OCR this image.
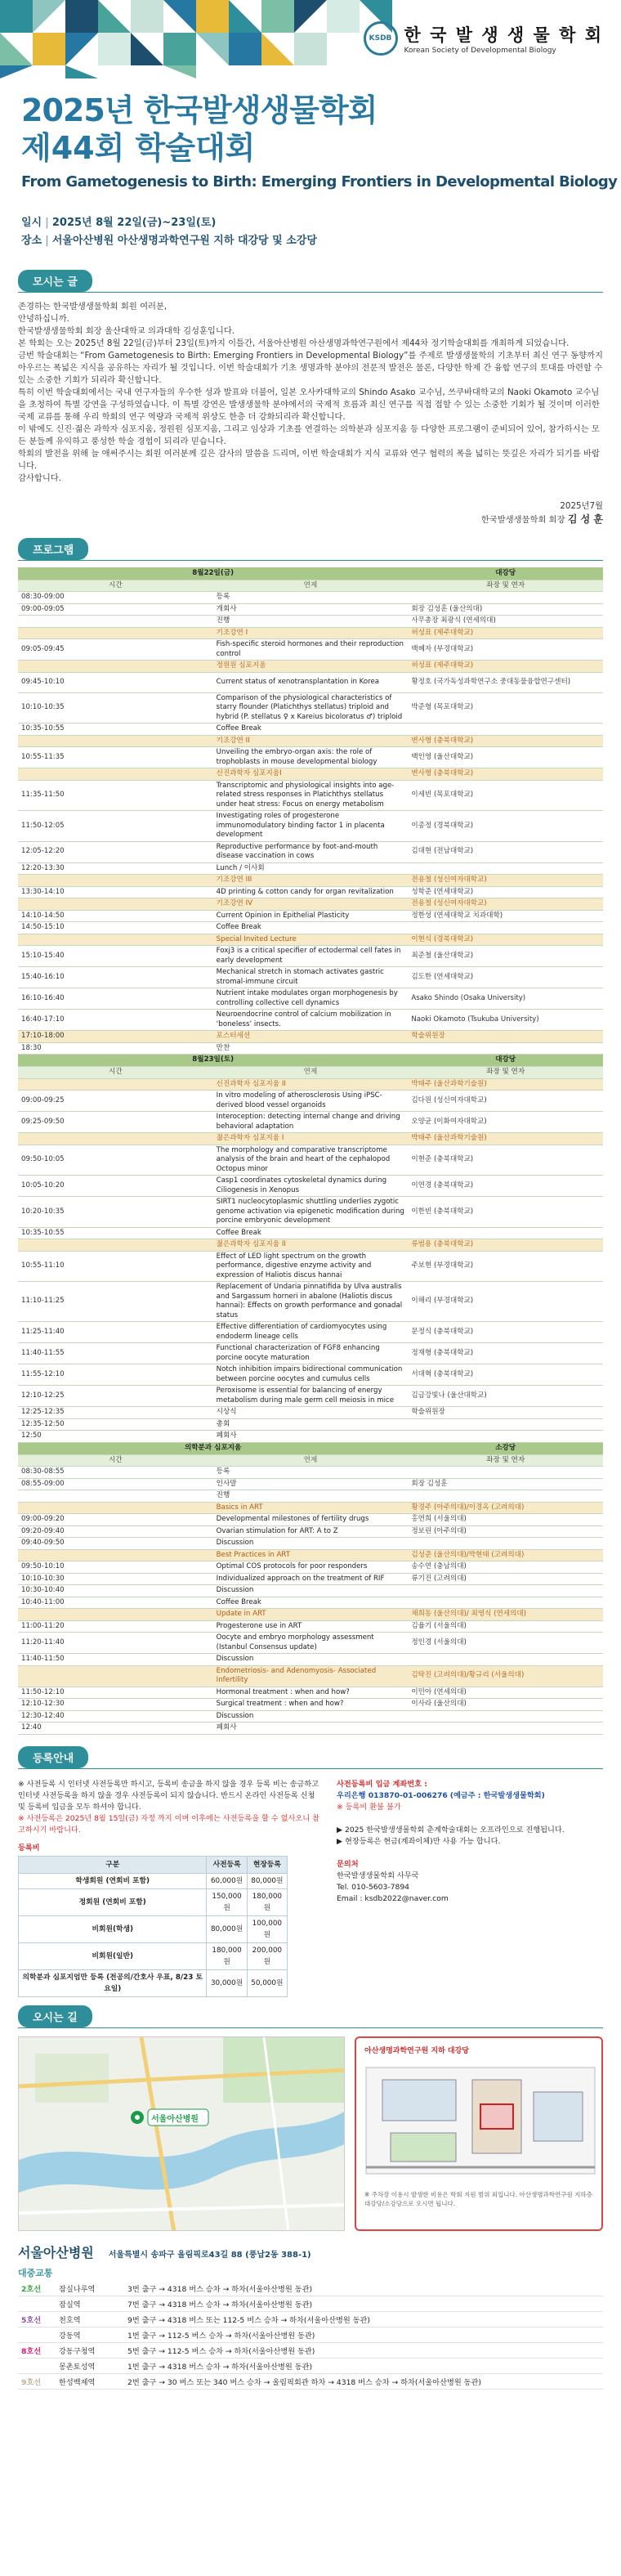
KSDB 한 국 발 생 생 물 학 회
Korean Society of Developmental Biology
2025년 한국발생생물학회
제44회 학술대회
From Gametogenesis to Birth: Emerging Frontiers in Developmental Biology
일시 | 2025년 8월 22일(금)~23일(토)
장소 | 서울아산병원 아산생명과학연구원 지하 대강당 및 소강당
모시는 글

존경하는 한국발생생물학회 회원 여러분,

안녕하십니까.

한국발생생물학회 회장 울산대학교 의과대학 김성훈입니다.

본 학회는 오는 2025년 8월 22일(금)부터 23일(토)까지 이틀간, 서울아산병원 아산생명과학연구원에서 제44차 정기학술대회를 개최하게 되었습니다.

금번 학술대회는 “From Gametogenesis to Birth: Emerging Frontiers in Developmental Biology”를 주제로 발생생물학의 기초부터 최신 연구 동향까지 아우르는 폭넓은 지식을 공유하는 자리가 될 것입니다. 이번 학술대회가 기초 생명과학 분야의 전문적 발전은 물론, 다양한 학제 간 융합 연구의 토대를 마련할 수 있는 소중한 기회가 되리라 확신합니다.

특히 이번 학술대회에서는 국내 연구자들의 우수한 성과 발표와 더불어, 일본 오사카대학교의 Shindo Asako 교수님, 쓰쿠바대학교의 Naoki Okamoto 교수님을 초청하여 특별 강연을 구성하였습니다. 이 특별 강연은 발생생물학 분야에서의 국제적 흐름과 최신 연구를 직접 접할 수 있는 소중한 기회가 될 것이며 이러한 국제 교류를 통해 우리 학회의 연구 역량과 국제적 위상도 한층 더 강화되리라 확신합니다.

이 밖에도 신진·젊은 과학자 심포지움, 정원원 심포지움, 그리고 임상과 기초를 연결하는 의학분과 심포지움 등 다양한 프로그램이 준비되어 있어, 참가하시는 모든 분들께 유익하고 풍성한 학술 경험이 되리라 믿습니다.

학회의 발전을 위해 늘 애써주시는 회원 여러분께 깊은 감사의 말씀을 드리며, 이번 학술대회가 지식 교류와 연구 협력의 폭을 넓히는 뜻깊은 자리가 되기를 바랍니다.

감사합니다.

2025년7월
한국발생생물학회 회장 김 성 훈
프로그램
8월22일(금)		대강당
시간	연제	좌장 및 연자
08:30-09:00	등록	
09:00-09:05	개회사	회장 김성훈 (울산의대)
	진행	사무총장 최광식 (연세의대)
	기조강연 I	허성표 (제주대학교)
09:05-09:45	Fish-specific steroid hormones and their reproduction control	백혜자 (부경대학교)
	정원원 심포지움	허성표 (제주대학교)
09:45-10:10	Current status of xenotransplantation in Korea	황정호 (국가독성과학연구소 중대동물융합연구센터)
10:10-10:35	Comparison of the physiological characteristics of starry flounder (Platichthys stellatus) triploid and hybrid (P. stellatus ♀ x Kareius bicoloratus ♂) triploid	박준형 (목포대학교)
10:35-10:55	Coffee Break	
	기조강연 II	변사형 (충북대학교)
10:55-11:35	Unveiling the embryo-organ axis: the role of trophoblasts in mouse developmental biology	백인영 (울산대학교)
	신진과학자 심포지움I	변사형 (충북대학교)
11:35-11:50	Transcriptomic and physiological insights into age-related stress responses in Platichthys stellatus under heat stress: Focus on energy metabolism	이세빈 (목포대학교)
11:50-12:05	Investigating roles of progesterone immunomodulatory binding factor 1 in placenta development	이종정 (경북대학교)
12:05-12:20	Reproductive performance by foot-and-mouth disease vaccination in cows	김대현 (전남대학교)
12:20-13:30	Lunch / 이사회	
	기조강연 III	전용철 (성신여자대학교)
13:30-14:10	4D printing & cotton candy for organ revitalization	성학준 (연세대학교)
	기조강연 IV	전용철 (성신여자대학교)
14:10-14:50	Current Opinion in Epithelial Plasticity	정한성 (연세대학교 치과대학)
14:50-15:10	Coffee Break	
	Special Invited Lecture	이현식 (경북대학교)
15:10-15:40	Foxj3 is a critical specifier of ectodermal cell fates in early development	최준철 (울산대학교)
15:40-16:10	Mechanical stretch in stomach activates gastric stromal-immune circuit	김도한 (연세대학교)
16:10-16:40	Nutrient intake modulates organ morphogenesis by controlling collective cell dynamics	Asako Shindo (Osaka University)
16:40-17:10	Neuroendocrine control of calcium mobilization in ‘boneless’ insects.	Naoki Okamoto (Tsukuba University)
17:10-18:00	포스터세션	학술위원장
18:30	만찬	
8월23일(토)		대강당
시간	연제	좌장 및 연자
	신진과학자 심포지움 II	박태주 (울산과학기술원)
09:00-09:25	In vitro modeling of atherosclerosis Using iPSC-derived blood vessel organoids	김다원 (성신여자대학교)
09:25-09:50	Interoception: detecting internal change and driving behavioral adaptation	오양균 (이화여자대학교)
	젊은과학자 심포지움 I	박태주 (울산과학기술원)
09:50-10:05	The morphology and comparative transcriptome analysis of the brain and heart of the cephalopod Octopus minor	이현준 (충북대학교)
10:05-10:20	Casp1 coordinates cytoskeletal dynamics during Ciliogenesis in Xenopus	이연경 (충북대학교)
10:20-10:35	SIRT1 nucleocytoplasmic shuttling underlies zygotic genome activation via epigenetic modification during porcine embryonic development	이한빈 (충북대학교)
10:35-10:55	Coffee Break	
	젊은과학자 심포지움 II	류범용 (충북대학교)
10:55-11:10	Effect of LED light spectrum on the growth performance, digestive enzyme activity and expression of Haliotis discus hannai	주보현 (부경대학교)
11:10-11:25	Replacement of Undaria pinnatifida by Ulva australis and Sargassum horneri in abalone (Haliotis discus hannai): Effects on growth performance and gonadal status	이해리 (부경대학교)
11:25-11:40	Effective differentiation of cardiomyocytes using endoderm lineage cells	문정식 (충북대학교)
11:40-11:55	Functional characterization of FGF8 enhancing porcine oocyte maturation	정재형 (충북대학교)
11:55-12:10	Notch inhibition impairs bidirectional communication between porcine oocytes and cumulus cells	서대혁 (충북대학교)
12:10-12:25	Peroxisome is essential for balancing of energy metabolism during male germ cell meiosis in mice	김금강빛나 (울산대학교)
12:25-12:35	시상식	학술위원장
12:35-12:50	총회	
12:50	폐회사	
의학분과 심포지움		소강당
시간	연제	좌장 및 연자
08:30-08:55	등록	
08:55-09:00	인사말	회장 김성훈
	진행	
	Basics in ART	황경주 (아주의대)/이경옥 (고려의대)
09:00-09:20	Developmental milestones of fertility drugs	홍연희 (서울의대)
09:20-09:40	Ovarian stimulation for ART: A to Z	정보린 (아주의대)
09:40-09:50	Discussion	
	Best Practices in ART	김성준 (울산의대)/박현태 (고려의대)
09:50-10:10	Optimal COS protocols for poor responders	송수연 (충남의대)
10:10-10:30	Individualized approach on the treatment of RIF	류기진 (고려의대)
10:30-10:40	Discussion	
10:40-11:00	Coffee Break	
	Update in ART	채희동 (울산의대)/ 최영식 (연세의대)
11:00-11:20	Progesterone use in ART	김율기 (서울의대)
11:20-11:40	Oocyte and embryo morphology assessment (Istanbul Consensus update)	정인경 (서울의대)
11:40-11:50	Discussion	
	Endometriosis- and Adenomyosis- Associated Infertility	김탁진 (고려의대)/황규리 (서울의대)
11:50-12:10	Hormonal treatment : when and how?	이민아 (연세의대)
12:10-12:30	Surgical treatment : when and how?	이사라 (울산의대)
12:30-12:40	Discussion	
12:40	폐회사	
등록안내
※ 사전등록 시 인터넷 사전등록만 하시고, 등록비 송금을 하지 않을 경우 등록 비는 송금하고 인터넷 사전등록을 하지 않을 경우 사전등록이 되지 않습니다. 반드시 온라인 사전등록 신청 및 등록비 입금을 모두 하셔야 합니다.
※ 사전등록은 2025년 8월 15일(금) 자정 까지 이며 이후에는 사전등록을 할 수 없사오니 참고하시기 바랍니다.
등록비
구분	사전등록	현장등록
학생회원 (연회비 포함)	60,000원	80,000원
정회원 (연회비 포함)	150,000원	180,000원
비회원(학생)	80,000원	100,000원
비회원(일반)	180,000원	200,000원
의학분과 심포지엄만 등록 (전공의/간호사 우표, 8/23 토요일)	30,000원	50,000원
사전등록비 입금 계좌번호 :
우리은행 013870-01-006276 (예금주 : 한국발생생물학회)
※ 등록비 환불 불가
▶ 2025 한국발생생물학회 춘계학술대회는 오프라인으로 진행됩니다.
▶ 현장등록은 현금(계좌이체)만 사용 가능 합니다.
문의처
한국발생생물학회 사무국
Tel. 010-5603-7894
Email : ksdb2022@naver.com
오시는 길
서울아산병원
아산생명과학연구원 지하 대강당
※ 주차장 이용시 발생한 비용은 학회 지원 범위 외입니다. 아산생명과학연구원 지하층 대강당/소강당으로 오시면 됩니다.
서울아산병원 서울특별시 송파구 올림픽로43길 88 (풍납2동 388-1)
대중교통
2호선	잠실나루역	3번 출구 → 4318 버스 승차 → 하차(서울아산병원 동관)
	잠실역	7번 출구 → 4318 버스 승차 → 하차(서울아산병원 동관)
5호선	천호역	9번 출구 → 4318 버스 또는 112-5 버스 승차 → 하차(서울아산병원 동관)
	강동역	1번 출구 → 112-5 버스 승차 → 하차(서울아산병원 동관)
8호선	강동구청역	5번 출구 → 112-5 버스 승차 → 하차(서울아산병원 동관)
	몽촌토성역	1번 출구 → 4318 버스 승차 → 하차(서울아산병원 동관)
9호선	한성백제역	2번 출구 → 30 버스 또는 340 버스 승차 → 올림픽회관 하차 → 4318 버스 승차 → 하차(서울아산병원 동관)
